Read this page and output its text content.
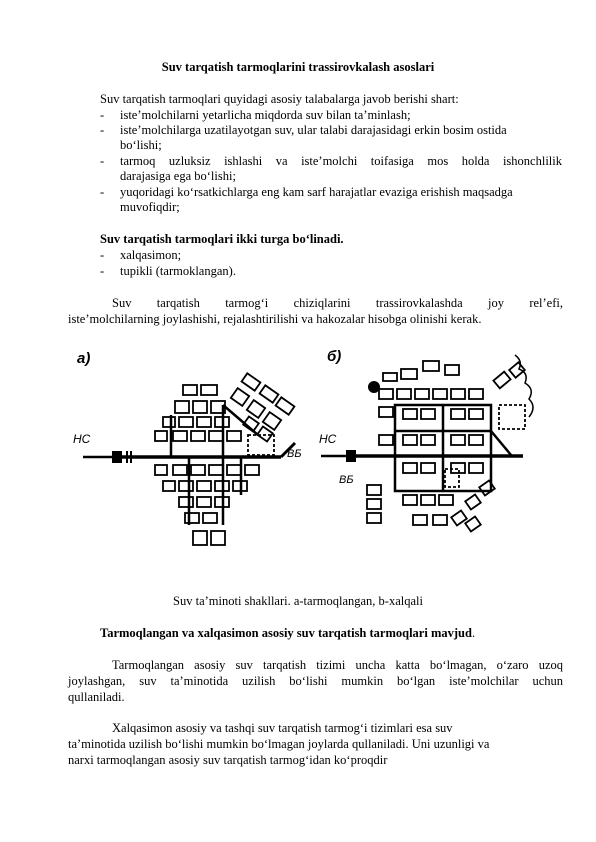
Suv tarqatish tarmoqlarini trassirovkalash asoslari
Suv tarqatish tarmoqlari quyidagi asosiy talabalarga javob berishi shart:
- iste’molchilarni yetarlicha miqdorda suv bilan ta’minlash;
- iste’molchilarga uzatilayotgan suv, ular talabi darajasidagi erkin bosim ostida
bo‘lishi;
- tarmoq uzluksiz ishlashi va iste’molchi toifasiga mos holda ishonchlilik
darajasiga ega bo‘lishi;
- yuqoridagi ko‘rsatkichlarga eng kam sarf harajatlar evaziga erishish maqsadga
muvofiqdir;
Suv tarqatish tarmoqlari ikki turga bo‘linadi.
- xalqasimon;
- tupikli (tarmoklangan).
Suv tarqatish tarmog‘i chiziqlarini trassirovkalashda joy rel’efi,
iste’molchilarning joylashishi, rejalashtirilishi va hakozalar hisobga olinishi kerak.
а)
НС
ВБ
б)
НС
ВБ
Suv ta’minoti shakllari. a-tarmoqlangan, b-xalqali
Tarmoqlangan va xalqasimon asosiy suv tarqatish tarmoqlari mavjud.
Tarmoqlangan asosiy suv tarqatish tizimi uncha katta bo‘lmagan, o‘zaro uzoq
joylashgan, suv ta’minotida uzilish bo‘lishi mumkin bo‘lgan iste’molchilar uchun
qullaniladi.
Xalqasimon asosiy va tashqi suv tarqatish tarmog‘i tizimlari esa suv
ta’minotida uzilish bo‘lishi mumkin bo‘lmagan joylarda qullaniladi. Uni uzunligi va
narxi tarmoqlangan asosiy suv tarqatish tarmog‘idan ko‘proqdir
